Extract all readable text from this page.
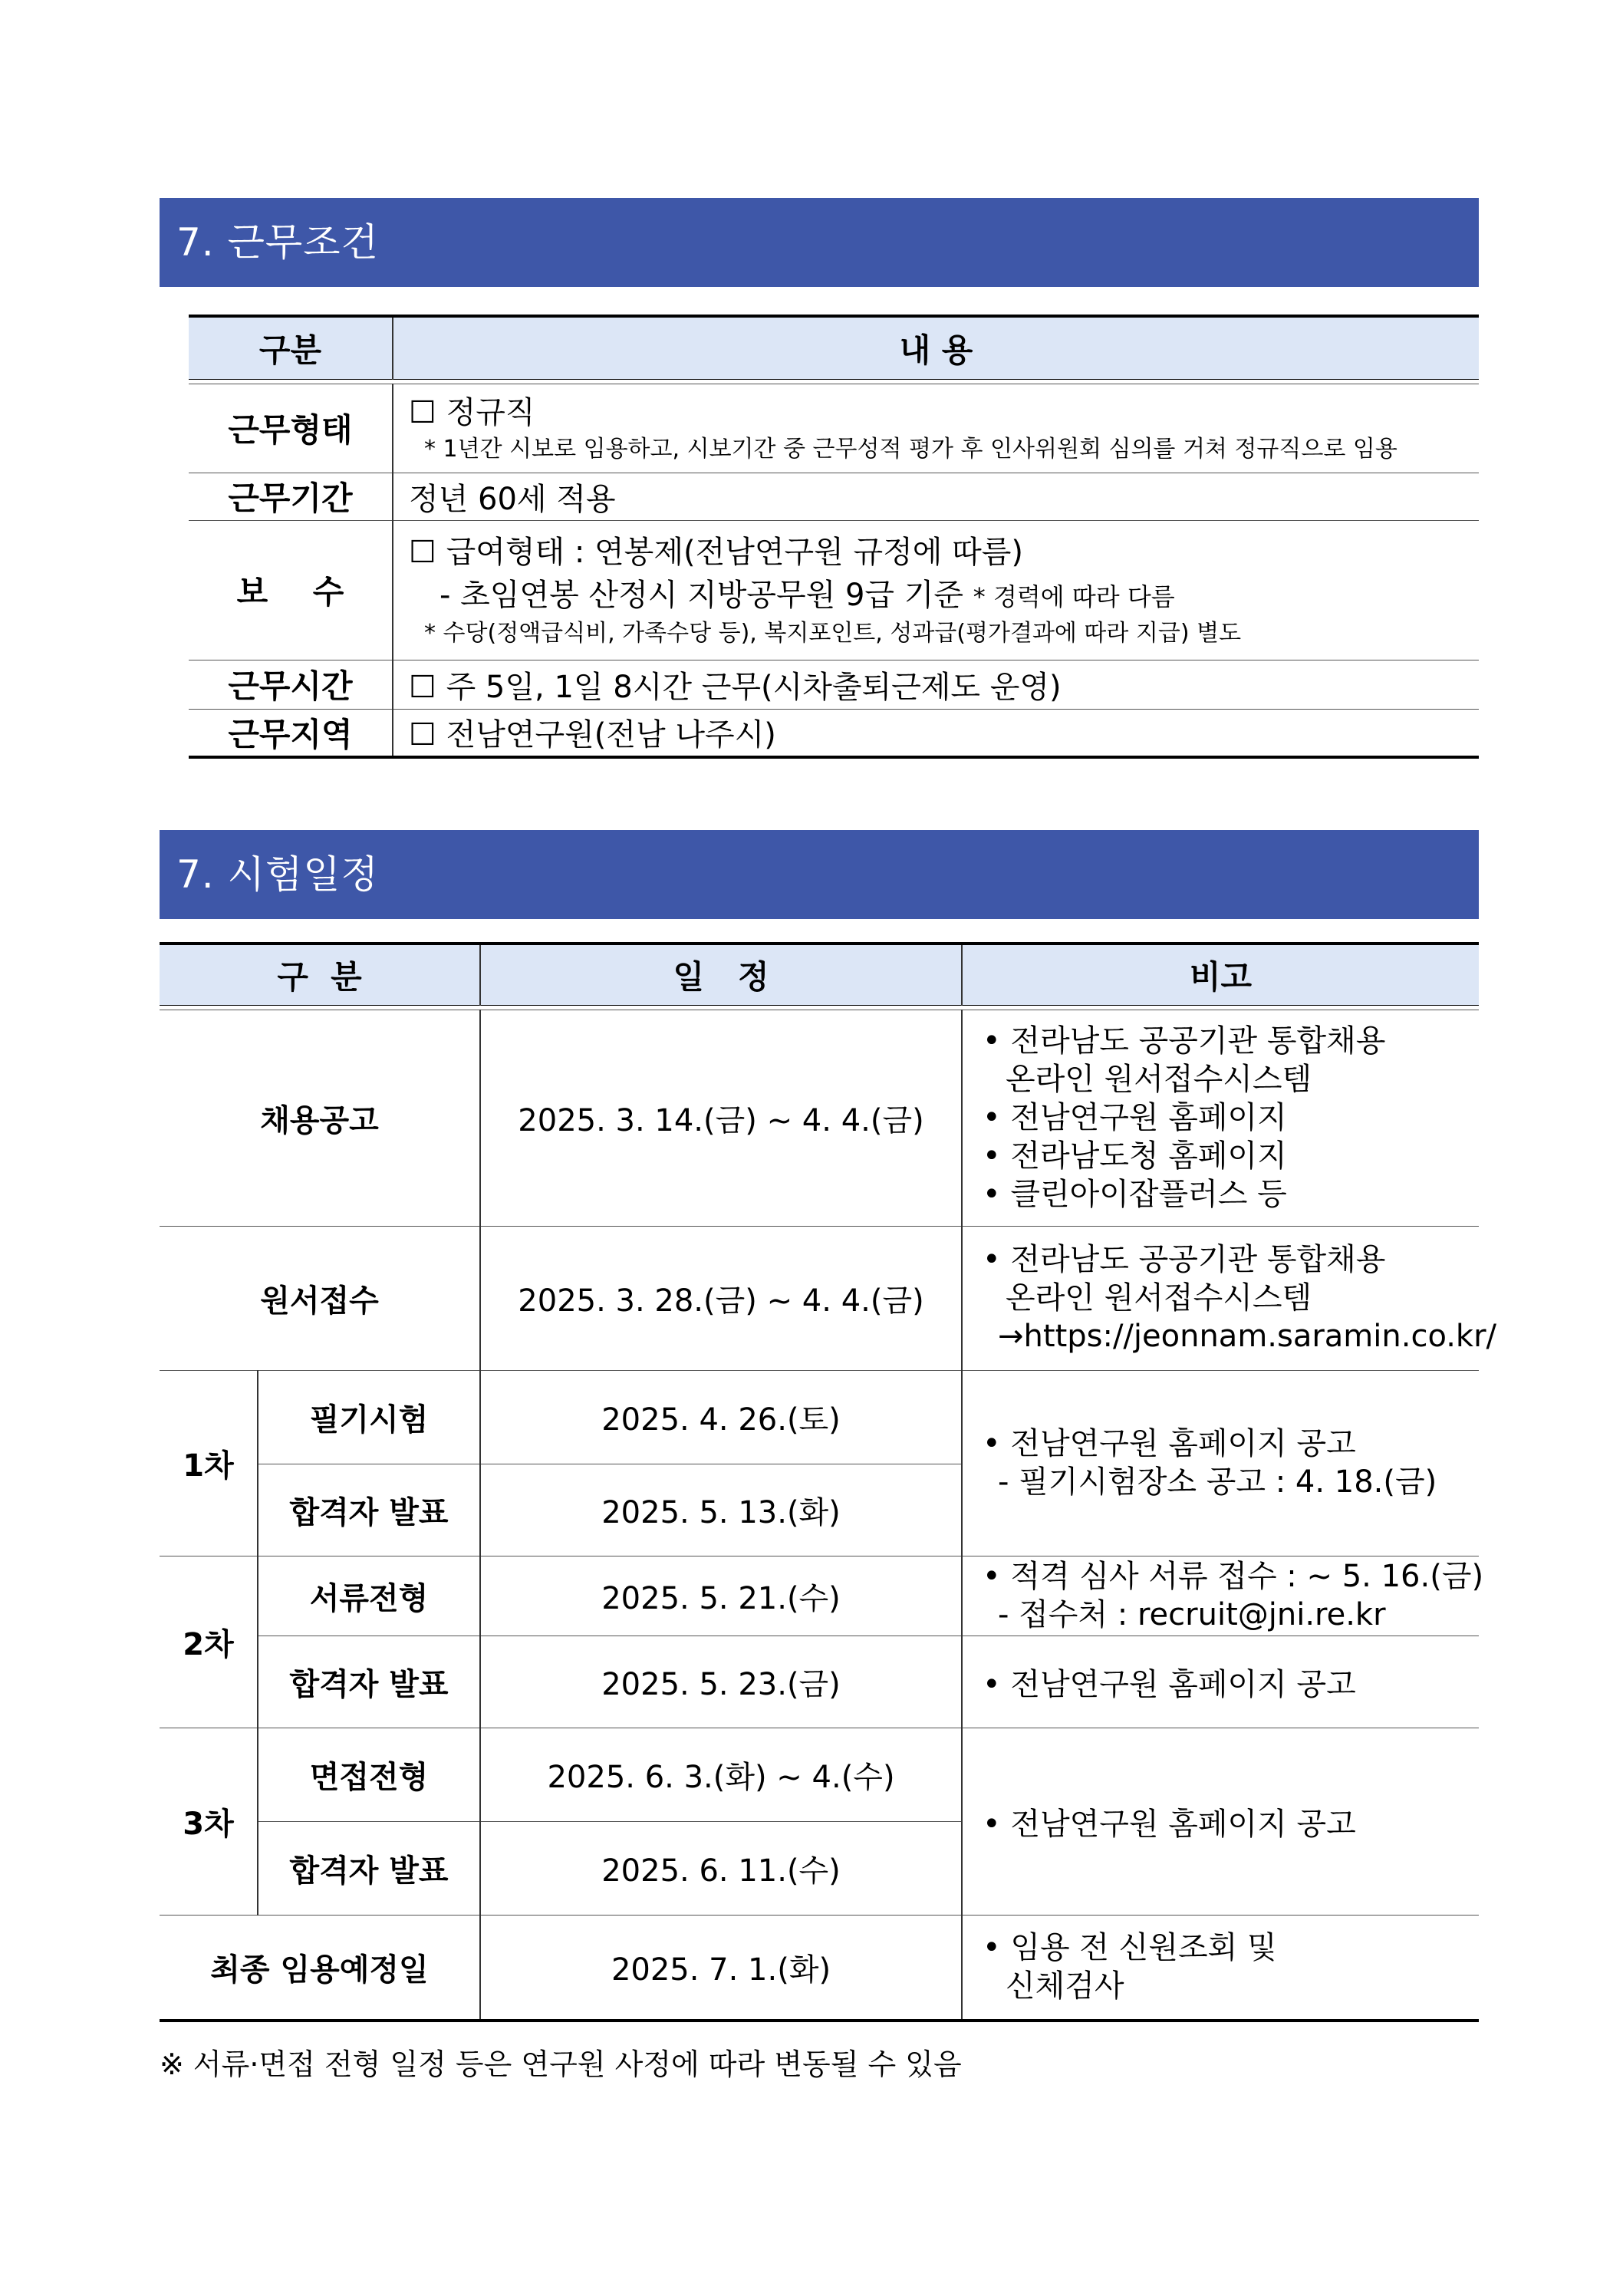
7. 근무조건
구분	내 용

근무형태	☐ 정규직
* 1년간 시보로 임용하고, 시보기간 중 근무성적 평가 후 인사위원회 심의를 거쳐 정규직으로 임용

근무기간	정년 60세 적용
보    수	☐ 급여형태 : 연봉제(전남연구원 규정에 따름)
- 초임연봉 산정시 지방공무원 9급 기준 * 경력에 따라 다름
* 수당(정액급식비, 가족수당 등), 복지포인트, 성과급(평가결과에 따라 지급) 별도

근무시간	☐ 주 5일, 1일 8시간 근무(시차출퇴근제도 운영)
근무지역	☐ 전남연구원(전남 나주시)
7. 시험일정
구  분		일   정	비고

채용공고		2025. 3. 14.(금) ~ 4. 4.(금)	• 전라남도 공공기관 통합채용
온라인 원서접수시스템
• 전남연구원 홈페이지
• 전라남도청 홈페이지
• 클린아이잡플러스 등

원서접수		2025. 3. 28.(금) ~ 4. 4.(금)	• 전라남도 공공기관 통합채용
온라인 원서접수시스템
→https://jeonnam.saramin.co.kr/

1차	필기시험	2025. 4. 26.(토)	• 전남연구원 홈페이지 공고
- 필기시험장소 공고 : 4. 18.(금)

	합격자 발표	2025. 5. 13.(화)	
2차	서류전형	2025. 5. 21.(수)	• 적격 심사 서류 접수 : ~ 5. 16.(금)
- 접수처 : recruit@jni.re.kr

	합격자 발표	2025. 5. 23.(금)	• 전남연구원 홈페이지 공고
3차	면접전형	2025. 6. 3.(화) ~ 4.(수)	• 전남연구원 홈페이지 공고
	합격자 발표	2025. 6. 11.(수)	
최종 임용예정일		2025. 7. 1.(화)	• 임용 전 신원조회 및
신체검사
※ 서류·면접 전형 일정 등은 연구원 사정에 따라 변동될 수 있음
